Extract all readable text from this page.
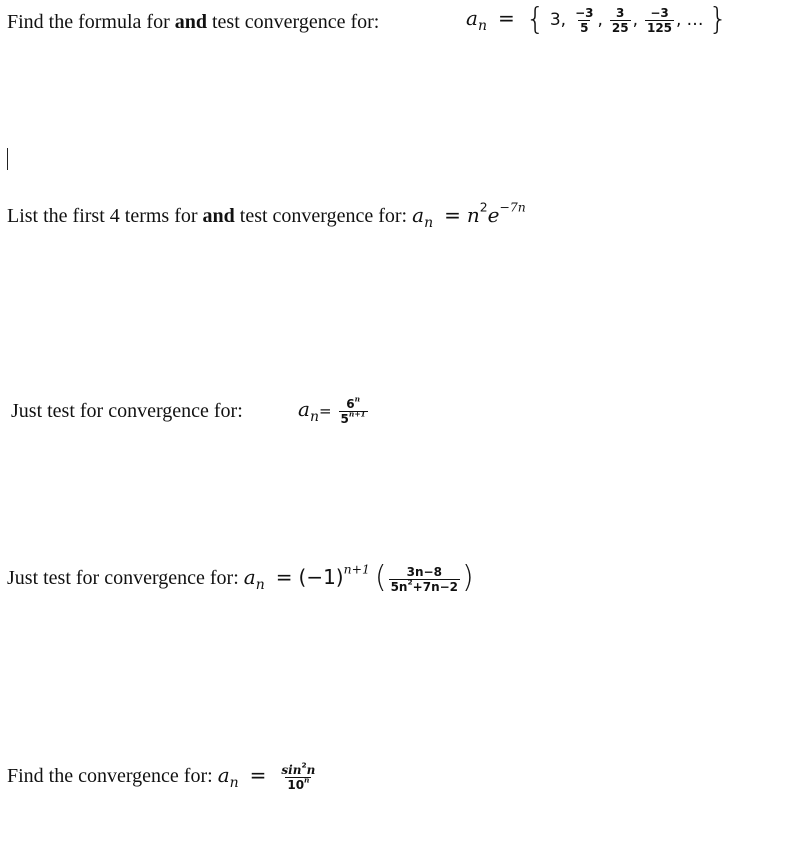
Find the formula for and test convergence for:	$a_n$ = { 3, $\frac{-3}{5}$ , $\frac{3}{25}$ , $\frac{-3}{125}$ , … }
List the first 4 terms for and test convergence for: $a_n = n^2e^{-7n}$
Just test for convergence for:	$a_n= \frac{6^n}{5^{n+1}}$
Just test for convergence for: $a_n = (-1)^{n+1}$ ( $\frac{3n-8}{5n^2+7n-2}$ )
Find the convergence for: $a_n = \frac{\sin^2n}{10^n}$
